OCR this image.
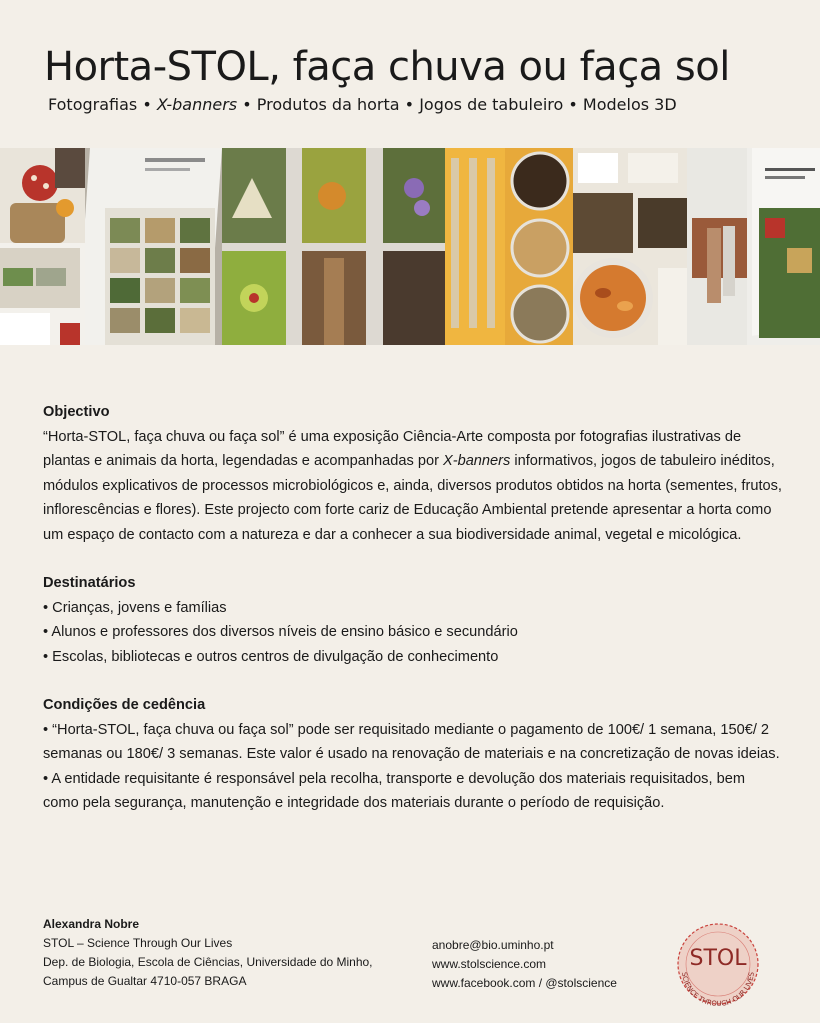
Horta-STOL, faça chuva ou faça sol
Fotografias • X-banners • Produtos da horta • Jogos de tabuleiro • Modelos 3D

Objectivo

“Horta-STOL, faça chuva ou faça sol” é uma exposição Ciência-Arte composta por fotografias ilustrativas de plantas e animais da horta, legendadas e acompanhadas por X-banners informativos, jogos de tabuleiro inéditos, módulos explicativos de processos microbiológicos e, ainda, diversos produtos obtidos na horta (sementes, frutos, inflorescências e flores). Este projecto com forte cariz de Educação Ambiental pretende apresentar a horta como um espaço de contacto com a natureza e dar a conhecer a sua biodiversidade animal, vegetal e micológica.

Destinatários

• Crianças, jovens e famílias

• Alunos e professores dos diversos níveis de ensino básico e secundário

• Escolas, bibliotecas e outros centros de divulgação de conhecimento

Condições de cedência

• “Horta-STOL, faça chuva ou faça sol” pode ser requisitado mediante o pagamento de 100€/ 1 semana, 150€/ 2 semanas ou 180€/ 3 semanas. Este valor é usado na renovação de materiais e na concretização de novas ideias.

• A entidade requisitante é responsável pela recolha, transporte e devolução dos materiais requisitados, bem como pela segurança, manutenção e integridade dos materiais durante o período de requisição.

Alexandra Nobre
STOL – Science Through Our Lives
Dep. de Biologia, Escola de Ciências, Universidade do Minho,
Campus de Gualtar 4710-057 BRAGA
anobre@bio.uminho.pt
www.stolscience.com
www.facebook.com / @stolscience
STOL
SCIENCE THROUGH OUR LIVES
